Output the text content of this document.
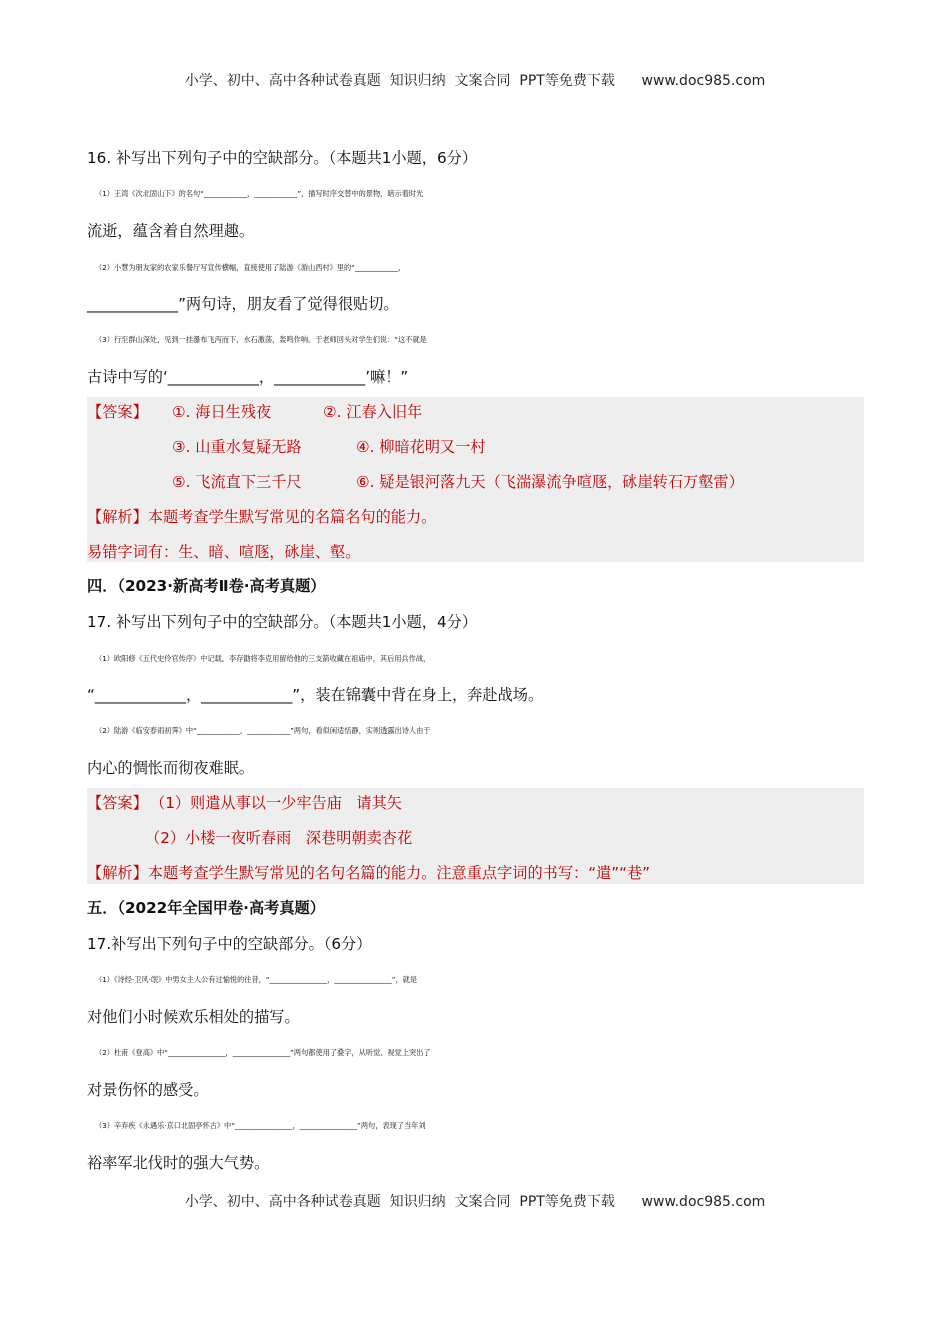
小学、初中、高中各种试卷真题  知识归纳  文案合同  PPT等免费下载      www.doc985.com
16. 补写出下列句子中的空缺部分。（本题共1小题，6分）
（1）王湾《次北固山下》的名句“____________，____________”，描写时序交替中的景物，暗示着时光
流逝，蕴含着自然理趣。
（2）小慧为朋友家的农家乐餐厅写宣传横幅，直接使用了陆游《游山西村》里的“____________，
____________”两句诗，朋友看了觉得很贴切。
（3）行至群山深处，见到一挂瀑布飞泻而下，水石激荡，轰鸣作响。于老师回头对学生们说：“这不就是
古诗中写的‘____________，____________’嘛！”
【答案】 ①. 海日生残夜	②. 江春入旧年
③. 山重水复疑无路	④. 柳暗花明又一村
⑤. 飞流直下三千尺	⑥. 疑是银河落九天（飞湍瀑流争喧豗，砯崖转石万壑雷）
【解析】本题考查学生默写常见的名篇名句的能力。
易错字词有：生、暗、喧豗，砯崖、壑。
四．（2023·新高考Ⅱ卷·高考真题）
17. 补写出下列句子中的空缺部分。（本题共1小题，4分）
（1）欧阳修《五代史伶官传序》中记载，李存勖将李克用留给他的三支箭收藏在祖庙中，其后用兵作战，
“____________，____________”，装在锦囊中背在身上，奔赴战场。
（2）陆游《临安春雨初霁》中“____________，____________”两句，看似闲适恬静，实则透露出诗人由于
内心的惆怅而彻夜难眠。
【答案】 （1）则遣从事以一少牢告庙   请其矢
（2）小楼一夜听春雨   深巷明朝卖杏花
【解析】本题考查学生默写常见的名句名篇的能力。注意重点字词的书写：“遣”“巷”
五．（2022年全国甲卷·高考真题）
17.补写出下列句子中的空缺部分。（6分）
（1）《诗经·卫风·氓》中男女主人公有过愉悦的往昔，“________________，________________”，就是
对他们小时候欢乐相处的描写。
（2）杜甫《登高》中“________________，________________”两句都使用了叠字，从听觉、视觉上突出了
对景伤怀的感受。
（3）辛弃疾《永遇乐·京口北固亭怀古》中“________________，________________”两句，表现了当年刘
裕率军北伐时的强大气势。
小学、初中、高中各种试卷真题  知识归纳  文案合同  PPT等免费下载      www.doc985.com
